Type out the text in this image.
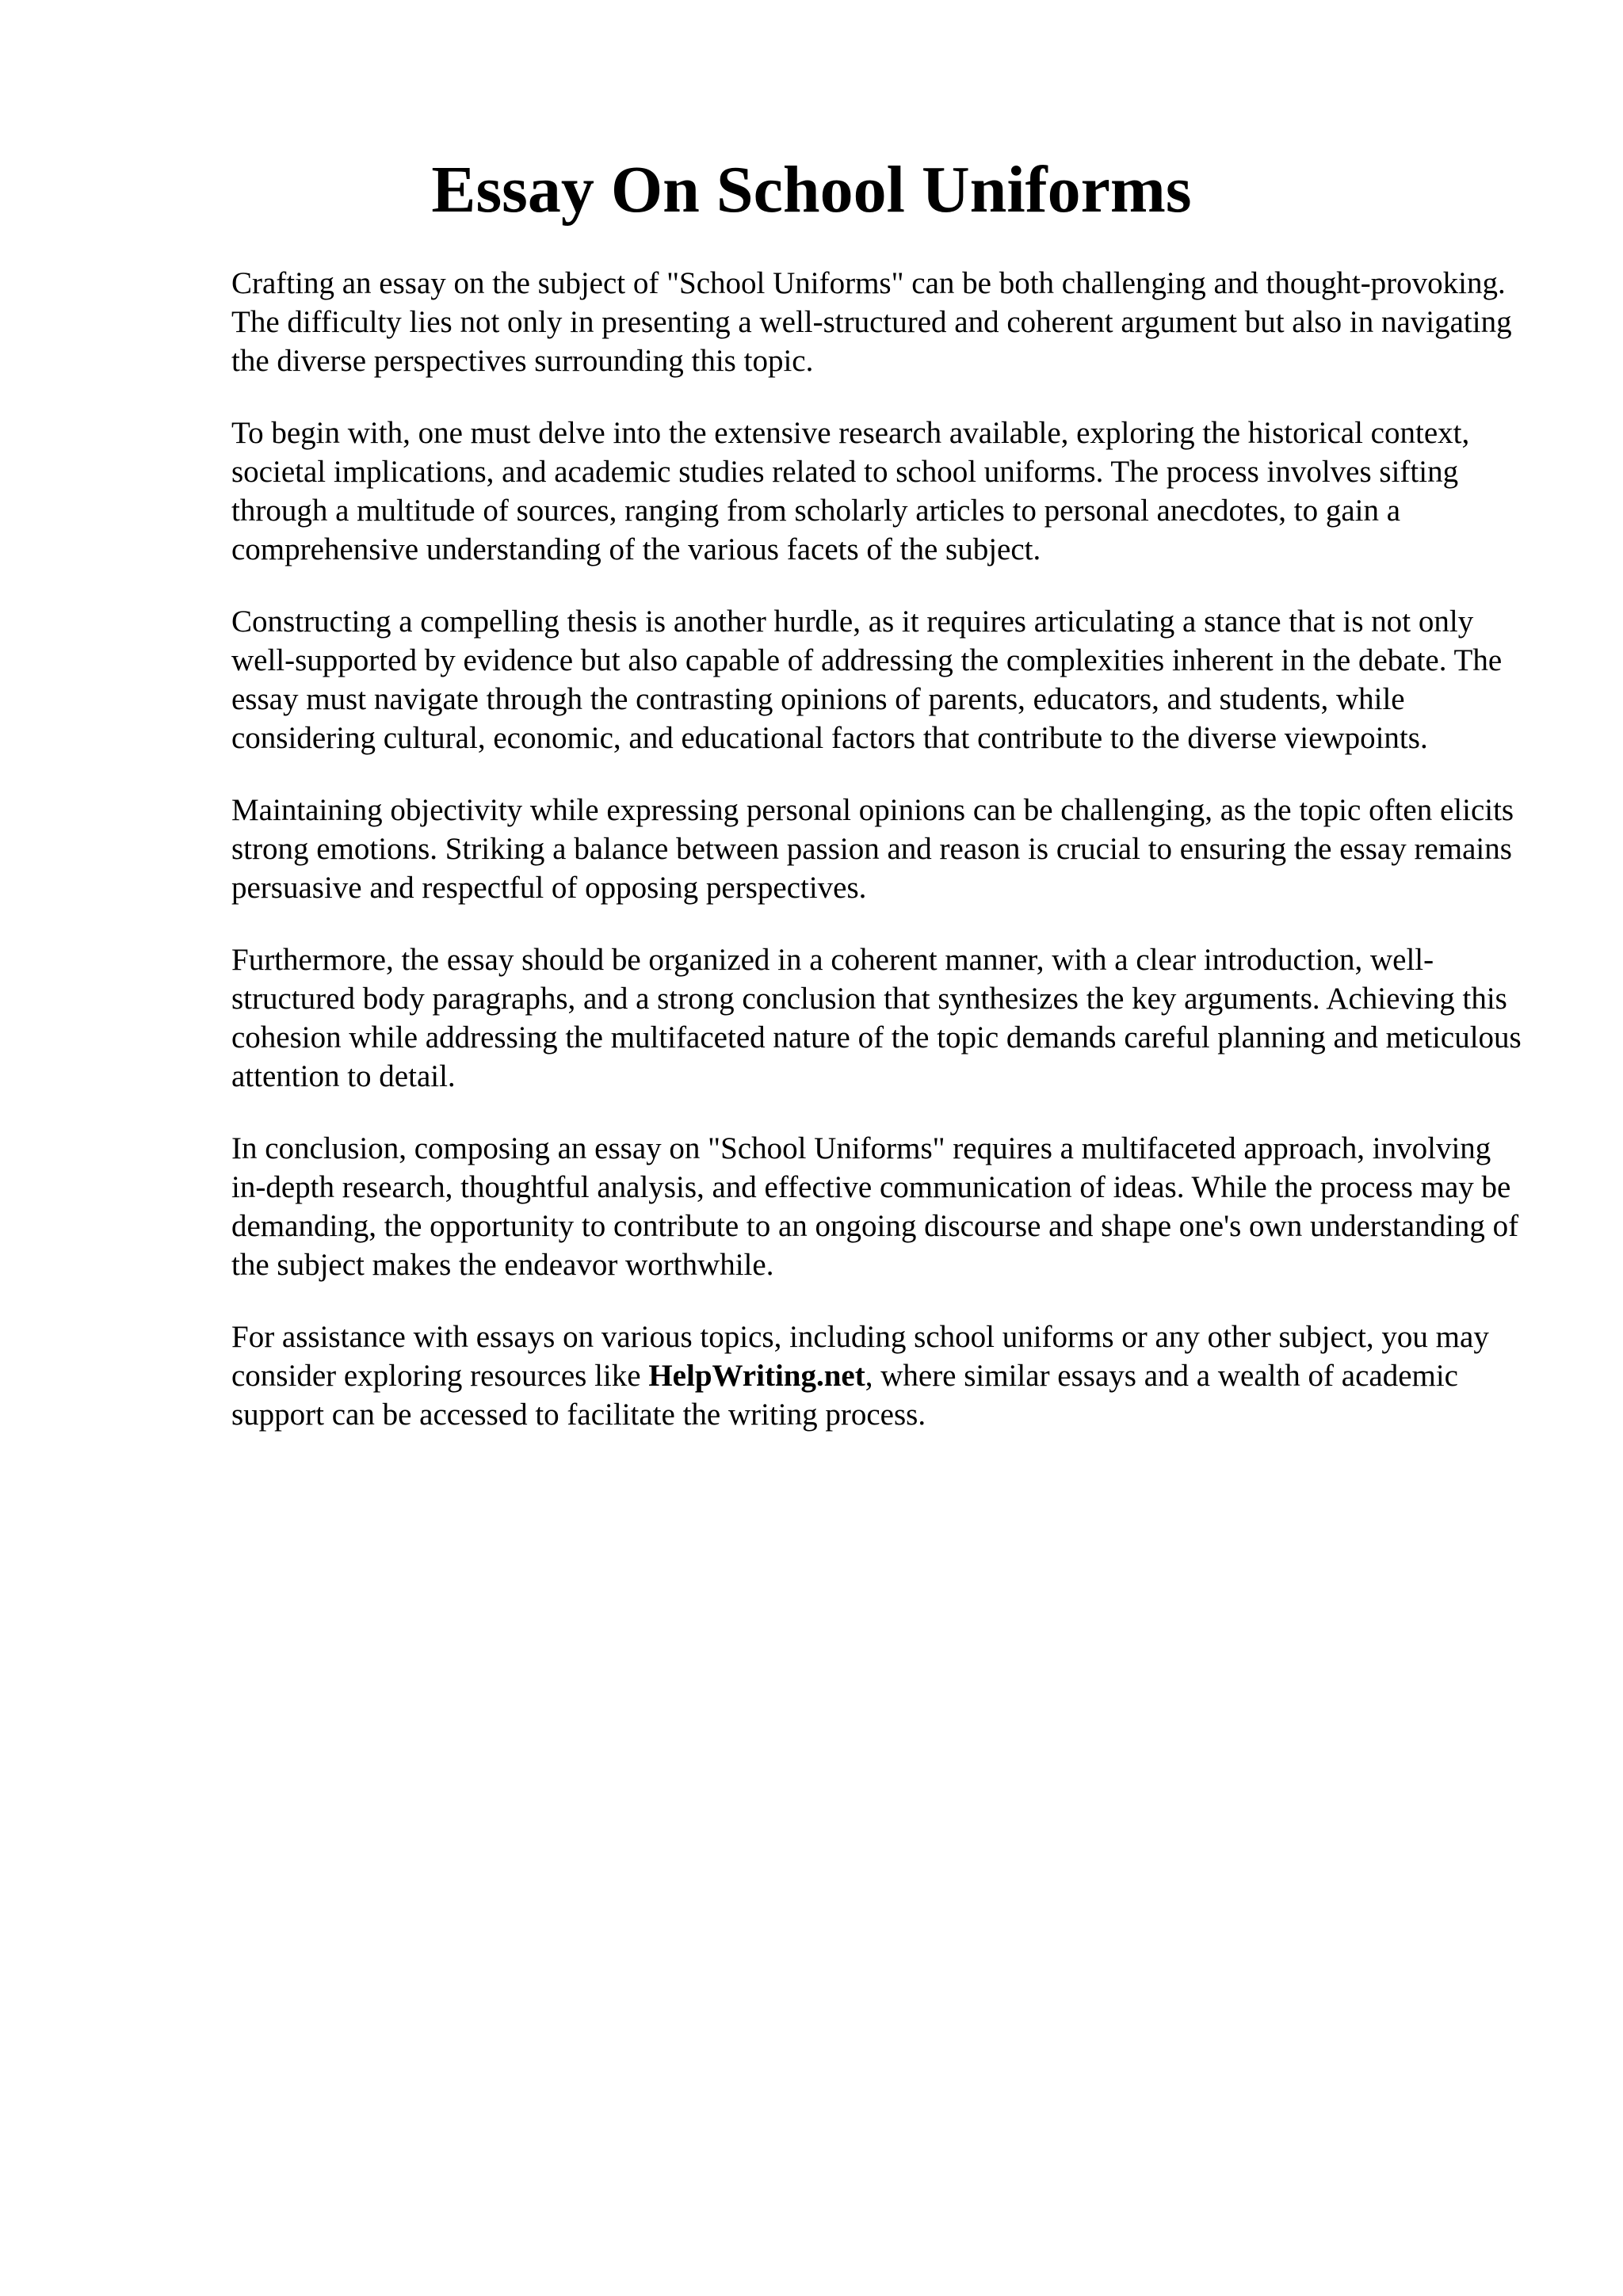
Essay On School Uniforms

Crafting an essay on the subject of "School Uniforms" can be both challenging and thought-provoking. The difficulty lies not only in presenting a well-structured and coherent argument but also in navigating the diverse perspectives surrounding this topic.

To begin with, one must delve into the extensive research available, exploring the historical context, societal implications, and academic studies related to school uniforms. The process involves sifting through a multitude of sources, ranging from scholarly articles to personal anecdotes, to gain a comprehensive understanding of the various facets of the subject.

Constructing a compelling thesis is another hurdle, as it requires articulating a stance that is not only well-supported by evidence but also capable of addressing the complexities inherent in the debate. The essay must navigate through the contrasting opinions of parents, educators, and students, while considering cultural, economic, and educational factors that contribute to the diverse viewpoints.

Maintaining objectivity while expressing personal opinions can be challenging, as the topic often elicits strong emotions. Striking a balance between passion and reason is crucial to ensuring the essay remains persuasive and respectful of opposing perspectives.

Furthermore, the essay should be organized in a coherent manner, with a clear introduction, well-structured body paragraphs, and a strong conclusion that synthesizes the key arguments. Achieving this cohesion while addressing the multifaceted nature of the topic demands careful planning and meticulous attention to detail.

In conclusion, composing an essay on "School Uniforms" requires a multifaceted approach, involving in-depth research, thoughtful analysis, and effective communication of ideas. While the process may be demanding, the opportunity to contribute to an ongoing discourse and shape one's own understanding of the subject makes the endeavor worthwhile.

For assistance with essays on various topics, including school uniforms or any other subject, you may consider exploring resources like HelpWriting.net, where similar essays and a wealth of academic support can be accessed to facilitate the writing process.
